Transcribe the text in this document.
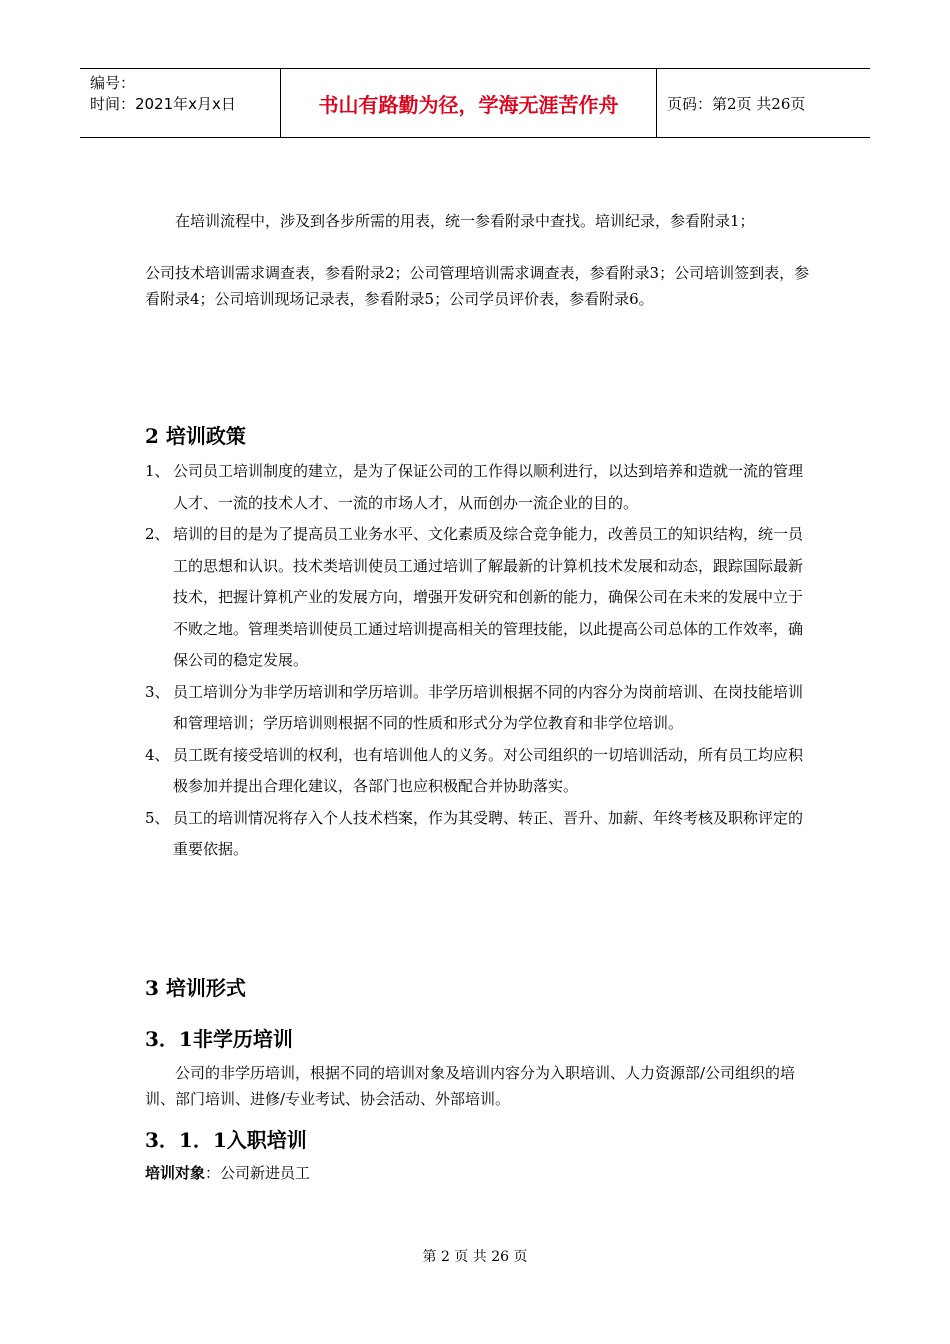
编号：
时间：2021年x月x日	书山有路勤为径，学海无涯苦作舟	页码：第2页 共26页
在培训流程中，涉及到各步所需的用表，统一参看附录中查找。培训纪录，参看附录1；
公司技术培训需求调查表，参看附录2；公司管理培训需求调查表，参看附录3；公司培训签到表，参看附录4；公司培训现场记录表，参看附录5；公司学员评价表，参看附录6。
2 培训政策
1、 公司员工培训制度的建立，是为了保证公司的工作得以顺利进行，以达到培养和造就一流的管理人才、一流的技术人才、一流的市场人才，从而创办一流企业的目的。
2、 培训的目的是为了提高员工业务水平、文化素质及综合竞争能力，改善员工的知识结构，统一员工的思想和认识。技术类培训使员工通过培训了解最新的计算机技术发展和动态，跟踪国际最新技术，把握计算机产业的发展方向，增强开发研究和创新的能力，确保公司在未来的发展中立于不败之地。管理类培训使员工通过培训提高相关的管理技能，以此提高公司总体的工作效率，确保公司的稳定发展。
3、 员工培训分为非学历培训和学历培训。非学历培训根据不同的内容分为岗前培训、在岗技能培训和管理培训；学历培训则根据不同的性质和形式分为学位教育和非学位培训。
4、 员工既有接受培训的权利，也有培训他人的义务。对公司组织的一切培训活动，所有员工均应积极参加并提出合理化建议，各部门也应积极配合并协助落实。
5、 员工的培训情况将存入个人技术档案，作为其受聘、转正、晋升、加薪、年终考核及职称评定的重要依据。
3 培训形式
3．1非学历培训
公司的非学历培训，根据不同的培训对象及培训内容分为入职培训、人力资源部/公司组织的培训、部门培训、进修/专业考试、协会活动、外部培训。
3．1．1入职培训
培训对象：公司新进员工
第 2 页 共 26 页
